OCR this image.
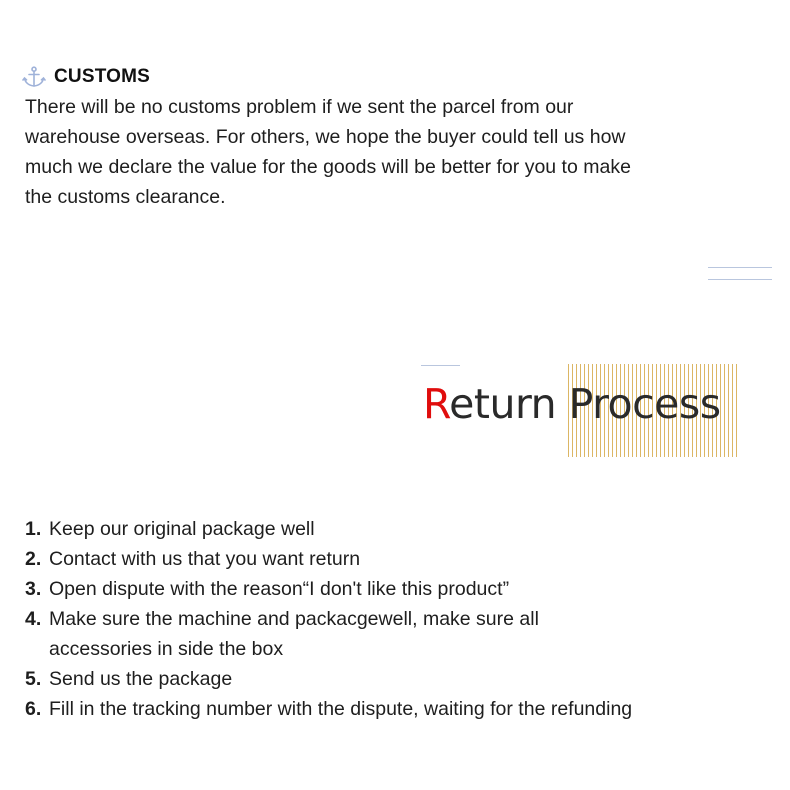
CUSTOMS
There will be no customs problem if we sent the parcel from our
warehouse overseas. For others, we hope the buyer could tell us how
much we declare the value for the goods will be better for you to make
the customs clearance.
Return Process
1. Keep our original package well
2. Contact with us that you want return
3. Open dispute with the reason“I don't like this product”
4. Make sure the machine and packacgewell, make sure all
accessories in side the box
5. Send us the package
6. Fill in the tracking number with the dispute, waiting for the refunding
